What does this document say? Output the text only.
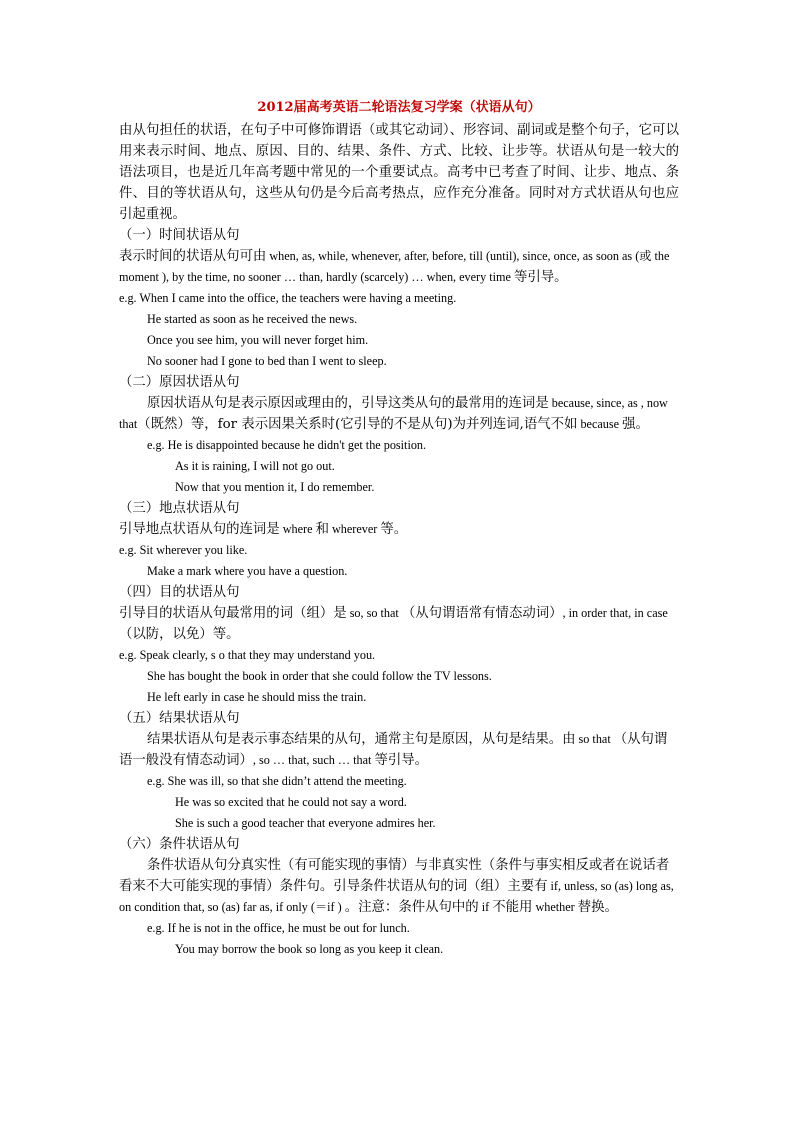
2012届高考英语二轮语法复习学案（状语从句）

由从句担任的状语，在句子中可修饰谓语（或其它动词）、形容词、副词或是整个句子，它可以用来表示时间、地点、原因、目的、结果、条件、方式、比较、让步等。状语从句是一较大的语法项目，也是近几年高考题中常见的一个重要试点。高考中已考查了时间、让步、地点、条件、目的等状语从句，这些从句仍是今后高考热点，应作充分准备。同时对方式状语从句也应引起重视。

（一）时间状语从句

表示时间的状语从句可由 when, as, while, whenever, after, before, till (until), since, once, as soon as (或 the moment ), by the time, no sooner … than, hardly (scarcely) … when, every time 等引导。

e.g. When I came into the office, the teachers were having a meeting.

He started as soon as he received the news.

Once you see him, you will never forget him.

No sooner had I gone to bed than I went to sleep.

（二）原因状语从句

原因状语从句是表示原因或理由的，引导这类从句的最常用的连词是 because, since, as , now that（既然）等，for 表示因果关系时(它引导的不是从句)为并列连词,语气不如 because 强。

e.g. He is disappointed because he didn't get the position.

As it is raining, I will not go out.

Now that you mention it, I do remember.

（三）地点状语从句

引导地点状语从句的连词是 where 和 wherever 等。

e.g. Sit wherever you like.

Make a mark where you have a question.

（四）目的状语从句

引导目的状语从句最常用的词（组）是 so, so that （从句谓语常有情态动词）, in order that, in case （以防，以免）等。

e.g. Speak clearly, s o that they may understand you.

She has bought the book in order that she could follow the TV lessons.

He left early in case he should miss the train.

（五）结果状语从句

结果状语从句是表示事态结果的从句，通常主句是原因，从句是结果。由 so that （从句谓语一般没有情态动词）, so … that, such … that 等引导。

e.g. She was ill, so that she didn’t attend the meeting.

He was so excited that he could not say a word.

She is such a good teacher that everyone admires her.

（六）条件状语从句

条件状语从句分真实性（有可能实现的事情）与非真实性（条件与事实相反或者在说话者看来不大可能实现的事情）条件句。引导条件状语从句的词（组）主要有 if, unless, so (as) long as, on condition that, so (as) far as, if only (＝if ) 。注意：条件从句中的 if 不能用 whether 替换。

e.g. If he is not in the office, he must be out for lunch.

You may borrow the book so long as you keep it clean.
